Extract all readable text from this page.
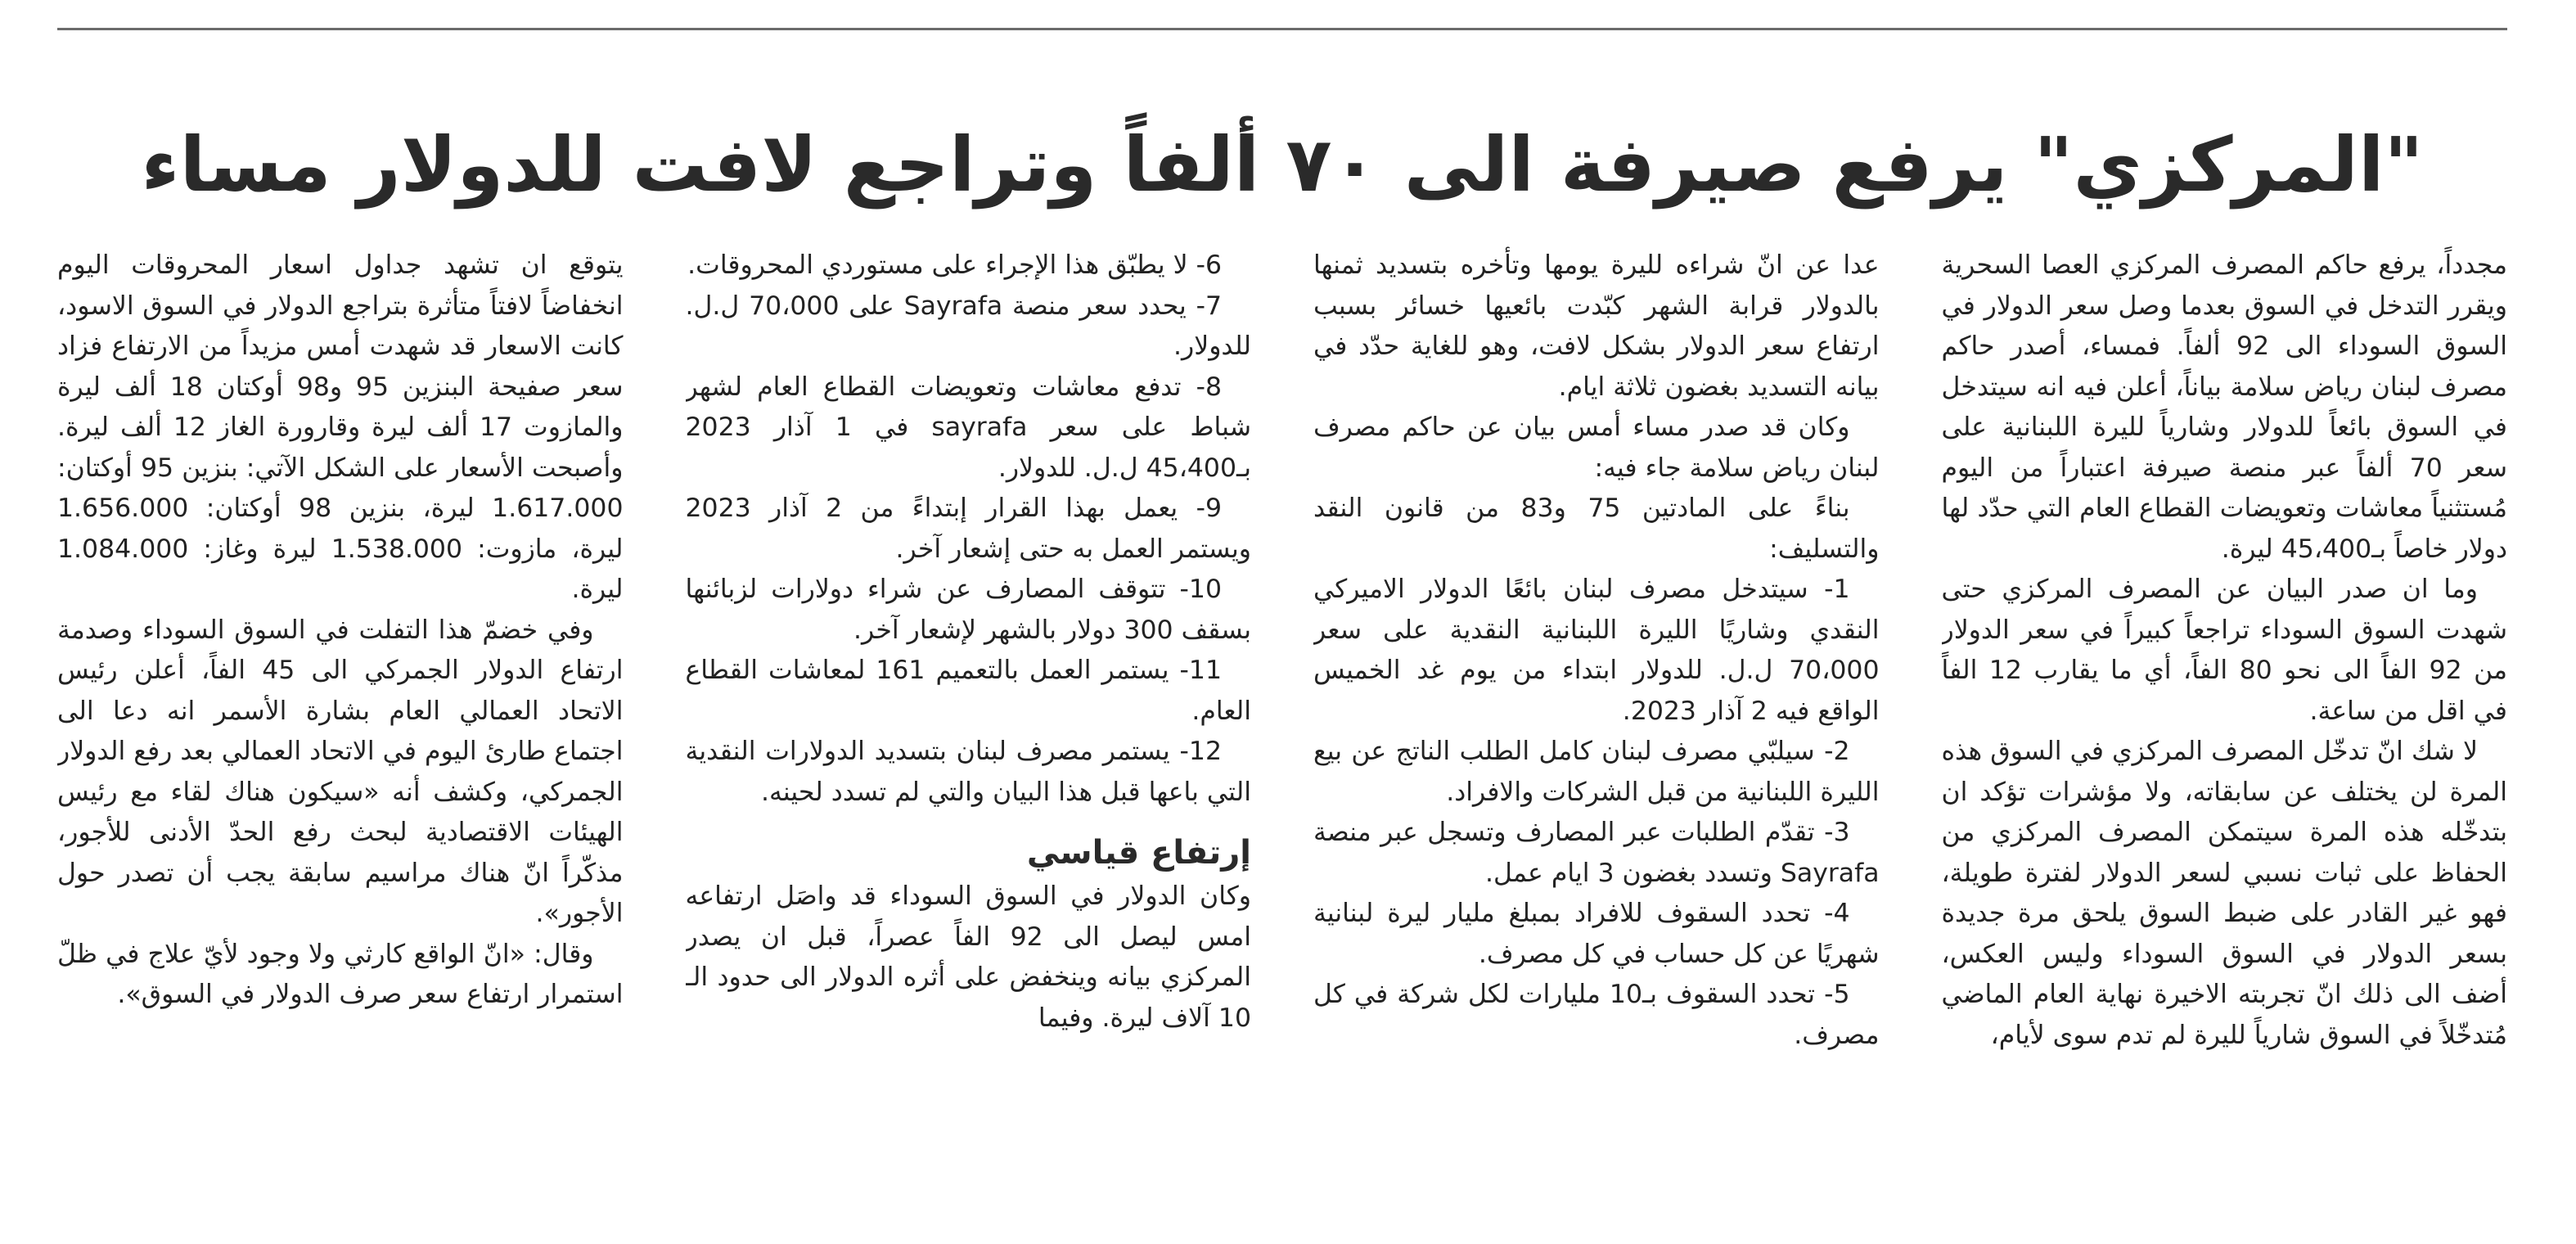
"المركزي" يرفع صيرفة الى ٧٠ ألفاً وتراجع لافت للدولار مساء

مجدداً، يرفع حاكم المصرف المركزي العصا السحرية ويقرر التدخل في السوق بعدما وصل سعر الدولار في السوق السوداء الى 92 ألفاً. فمساء، أصدر حاكم مصرف لبنان رياض سلامة بياناً، أعلن فيه انه سيتدخل في السوق بائعاً للدولار وشارياً لليرة اللبنانية على سعر 70 ألفاً عبر منصة صيرفة اعتباراً من اليوم مُستثنياً معاشات وتعويضات القطاع العام التي حدّد لها دولار خاصاً بـ45،400 ليرة.

وما ان صدر البيان عن المصرف المركزي حتى شهدت السوق السوداء تراجعاً كبيراً في سعر الدولار من 92 الفاً الى نحو 80 الفاً، أي ما يقارب 12 الفاً في اقل من ساعة.

لا شك انّ تدخّل المصرف المركزي في السوق هذه المرة لن يختلف عن سابقاته، ولا مؤشرات تؤكد ان بتدخّله هذه المرة سيتمكن المصرف المركزي من الحفاظ على ثبات نسبي لسعر الدولار لفترة طويلة، فهو غير القادر على ضبط السوق يلحق مرة جديدة بسعر الدولار في السوق السوداء وليس العكس، أضف الى ذلك انّ تجربته الاخيرة نهاية العام الماضي مُتدخّلاً في السوق شارياً لليرة لم تدم سوى لأيام،

عدا عن انّ شراءه لليرة يومها وتأخره بتسديد ثمنها بالدولار قرابة الشهر كبّدت بائعيها خسائر بسبب ارتفاع سعر الدولار بشكل لافت، وهو للغاية حدّد في بيانه التسديد بغضون ثلاثة ايام.

وكان قد صدر مساء أمس بيان عن حاكم مصرف لبنان رياض سلامة جاء فيه:

بناءً على المادتين 75 و83 من قانون النقد والتسليف:

1- سيتدخل مصرف لبنان بائعًا الدولار الاميركي النقدي وشاريًا الليرة اللبنانية النقدية على سعر 70،000 ل.ل. للدولار ابتداء من يوم غد الخميس الواقع فيه 2 آذار 2023.

2- سيلبّي مصرف لبنان كامل الطلب الناتج عن بيع الليرة اللبنانية من قبل الشركات والافراد.

3- تقدّم الطلبات عبر المصارف وتسجل عبر منصة Sayrafa وتسدد بغضون 3 ايام عمل.

4- تحدد السقوف للافراد بمبلغ مليار ليرة لبنانية شهريًا عن كل حساب في كل مصرف.

5- تحدد السقوف بـ10 مليارات لكل شركة في كل مصرف.

6- لا يطبّق هذا الإجراء على مستوردي المحروقات.

7- يحدد سعر منصة Sayrafa على 70،000 ل.ل. للدولار.

8- تدفع معاشات وتعويضات القطاع العام لشهر شباط على سعر sayrafa في 1 آذار 2023 بـ45،400 ل.ل. للدولار.

9- يعمل بهذا القرار إبتداءً من 2 آذار 2023 ويستمر العمل به حتى إشعار آخر.

10- تتوقف المصارف عن شراء دولارات لزبائنها بسقف 300 دولار بالشهر لإشعار آخر.

11- يستمر العمل بالتعميم 161 لمعاشات القطاع العام.

12- يستمر مصرف لبنان بتسديد الدولارات النقدية التي باعها قبل هذا البيان والتي لم تسدد لحينه.

إرتفاع قياسي

وكان الدولار في السوق السوداء قد واصَل ارتفاعه امس ليصل الى 92 الفاً عصراً، قبل ان يصدر المركزي بيانه وينخفض على أثره الدولار الى حدود الـ 10 آلاف ليرة. وفيما

يتوقع ان تشهد جداول اسعار المحروقات اليوم انخفاضاً لافتاً متأثرة بتراجع الدولار في السوق الاسود، كانت الاسعار قد شهدت أمس مزيداً من الارتفاع فزاد سعر صفيحة البنزين 95 و98 أوكتان 18 ألف ليرة والمازوت 17 ألف ليرة وقارورة الغاز 12 ألف ليرة. وأصبحت الأسعار على الشكل الآتي: بنزين 95 أوكتان: 1.617.000 ليرة، بنزين 98 أوكتان: 1.656.000 ليرة، مازوت: 1.538.000 ليرة وغاز: 1.084.000 ليرة.

وفي خضمّ هذا التفلت في السوق السوداء وصدمة ارتفاع الدولار الجمركي الى 45 الفاً، أعلن رئيس الاتحاد العمالي العام بشارة الأسمر انه دعا الى اجتماع طارئ اليوم في الاتحاد العمالي بعد رفع الدولار الجمركي، وكشف أنه «سيكون هناك لقاء مع رئيس الهيئات الاقتصادية لبحث رفع الحدّ الأدنى للأجور، مذكّراً انّ هناك مراسيم سابقة يجب أن تصدر حول الأجور».

وقال: «انّ الواقع كارثي ولا وجود لأيّ علاج في ظلّ استمرار ارتفاع سعر صرف الدولار في السوق».
